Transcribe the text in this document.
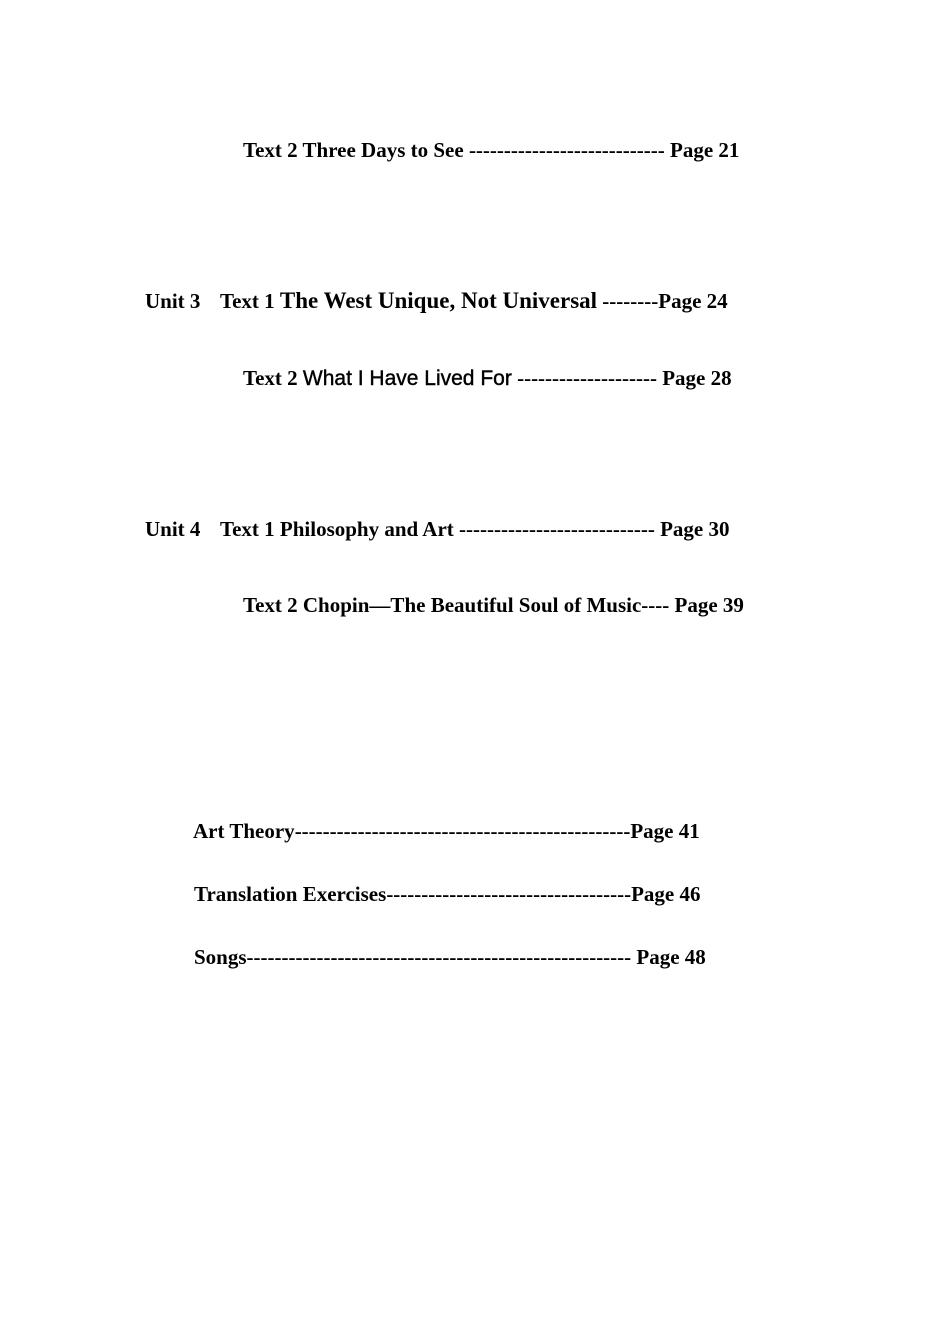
Text 2 Three Days to See ---------------------------- Page 21
Unit 3 Text 1 The West Unique, Not Universal --------Page 24
Text 2 What I Have Lived For -------------------- Page 28
Unit 4 Text 1 Philosophy and Art ---------------------------- Page 30
Text 2 Chopin—The Beautiful Soul of Music---- Page 39
Art Theory------------------------------------------------Page 41
Translation Exercises-----------------------------------Page 46
Songs------------------------------------------------------- Page 48
